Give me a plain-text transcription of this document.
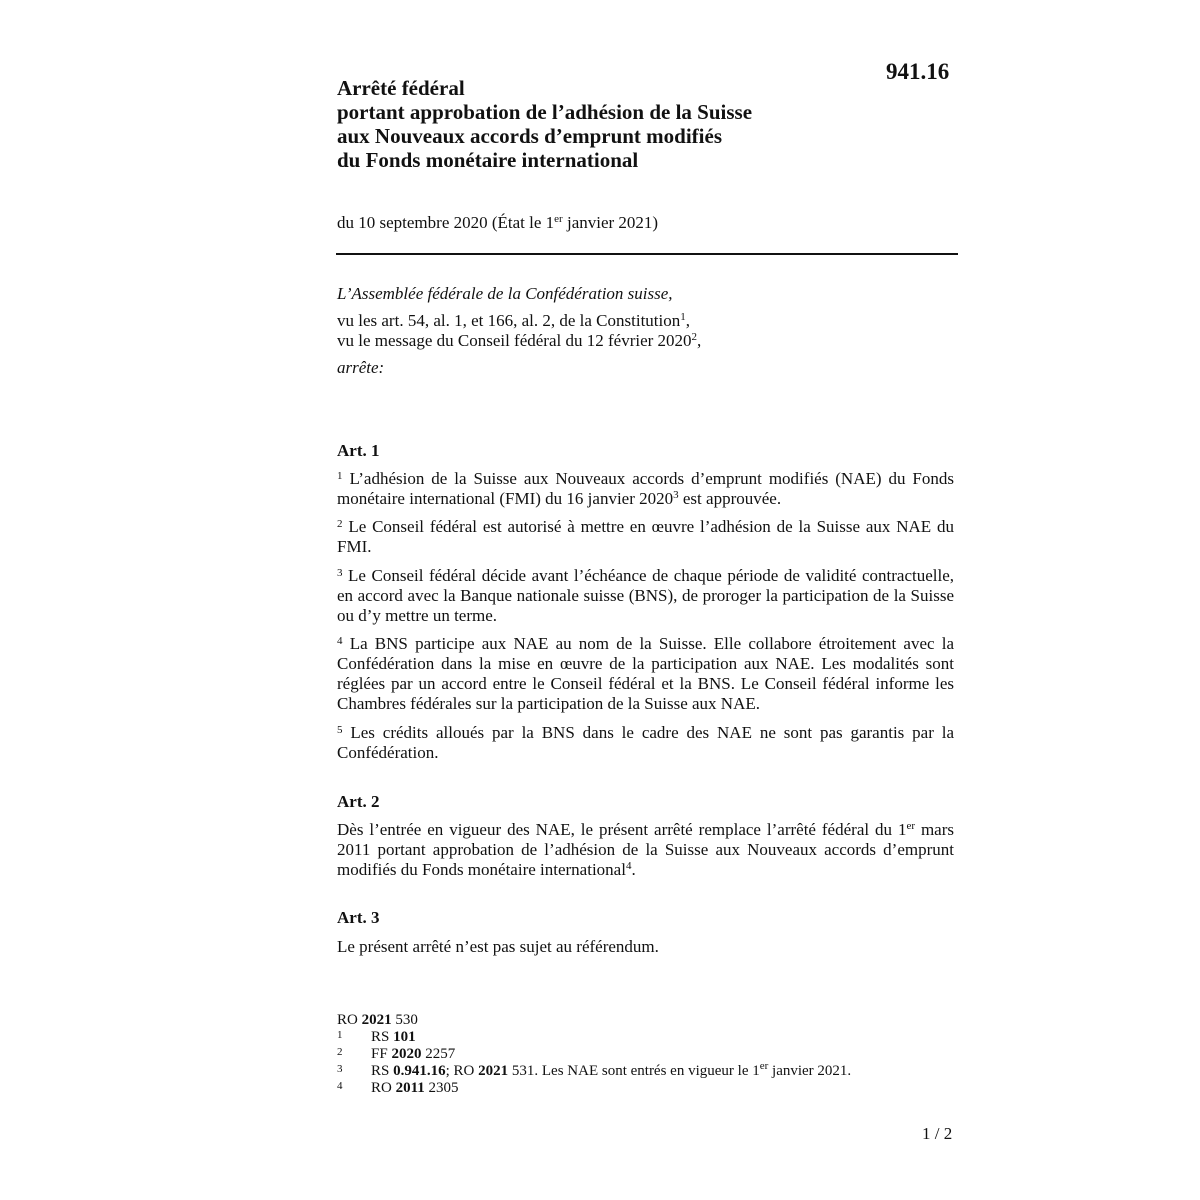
941.16
Arrêté fédéral
portant approbation de l’adhésion de la Suisse
aux Nouveaux accords d’emprunt modifiés
du Fonds monétaire international
du 10 septembre 2020 (État le 1er janvier 2021)
L’Assemblée fédérale de la Confédération suisse,
vu les art. 54, al. 1, et 166, al. 2, de la Constitution$^1$,
vu le message du Conseil fédéral du 12 février 2020$^2$,
arrête:
Art. 1
$^1$ L’adhésion de la Suisse aux Nouveaux accords d’emprunt modifiés (NAE) du Fonds monétaire international (FMI) du 16 janvier 2020$^3$ est approuvée.
$^2$ Le Conseil fédéral est autorisé à mettre en œuvre l’adhésion de la Suisse aux NAE du FMI.
$^3$ Le Conseil fédéral décide avant l’échéance de chaque période de validité contractuelle, en accord avec la Banque nationale suisse (BNS), de proroger la participation de la Suisse ou d’y mettre un terme.
$^4$ La BNS participe aux NAE au nom de la Suisse. Elle collabore étroitement avec la Confédération dans la mise en œuvre de la participation aux NAE. Les modalités sont réglées par un accord entre le Conseil fédéral et la BNS. Le Conseil fédéral informe les Chambres fédérales sur la participation de la Suisse aux NAE.
$^5$ Les crédits alloués par la BNS dans le cadre des NAE ne sont pas garantis par la Confédération.
Art. 2
Dès l’entrée en vigueur des NAE, le présent arrêté remplace l’arrêté fédéral du 1er mars 2011 portant approbation de l’adhésion de la Suisse aux Nouveaux accords d’emprunt modifiés du Fonds monétaire international$^4$.
Art. 3
Le présent arrêté n’est pas sujet au référendum.
RO 2021 530
1	RS 101
2	FF 2020 2257
3	RS 0.941.16; RO 2021 531. Les NAE sont entrés en vigueur le 1er janvier 2021.
4	RO 2011 2305
1 / 2
